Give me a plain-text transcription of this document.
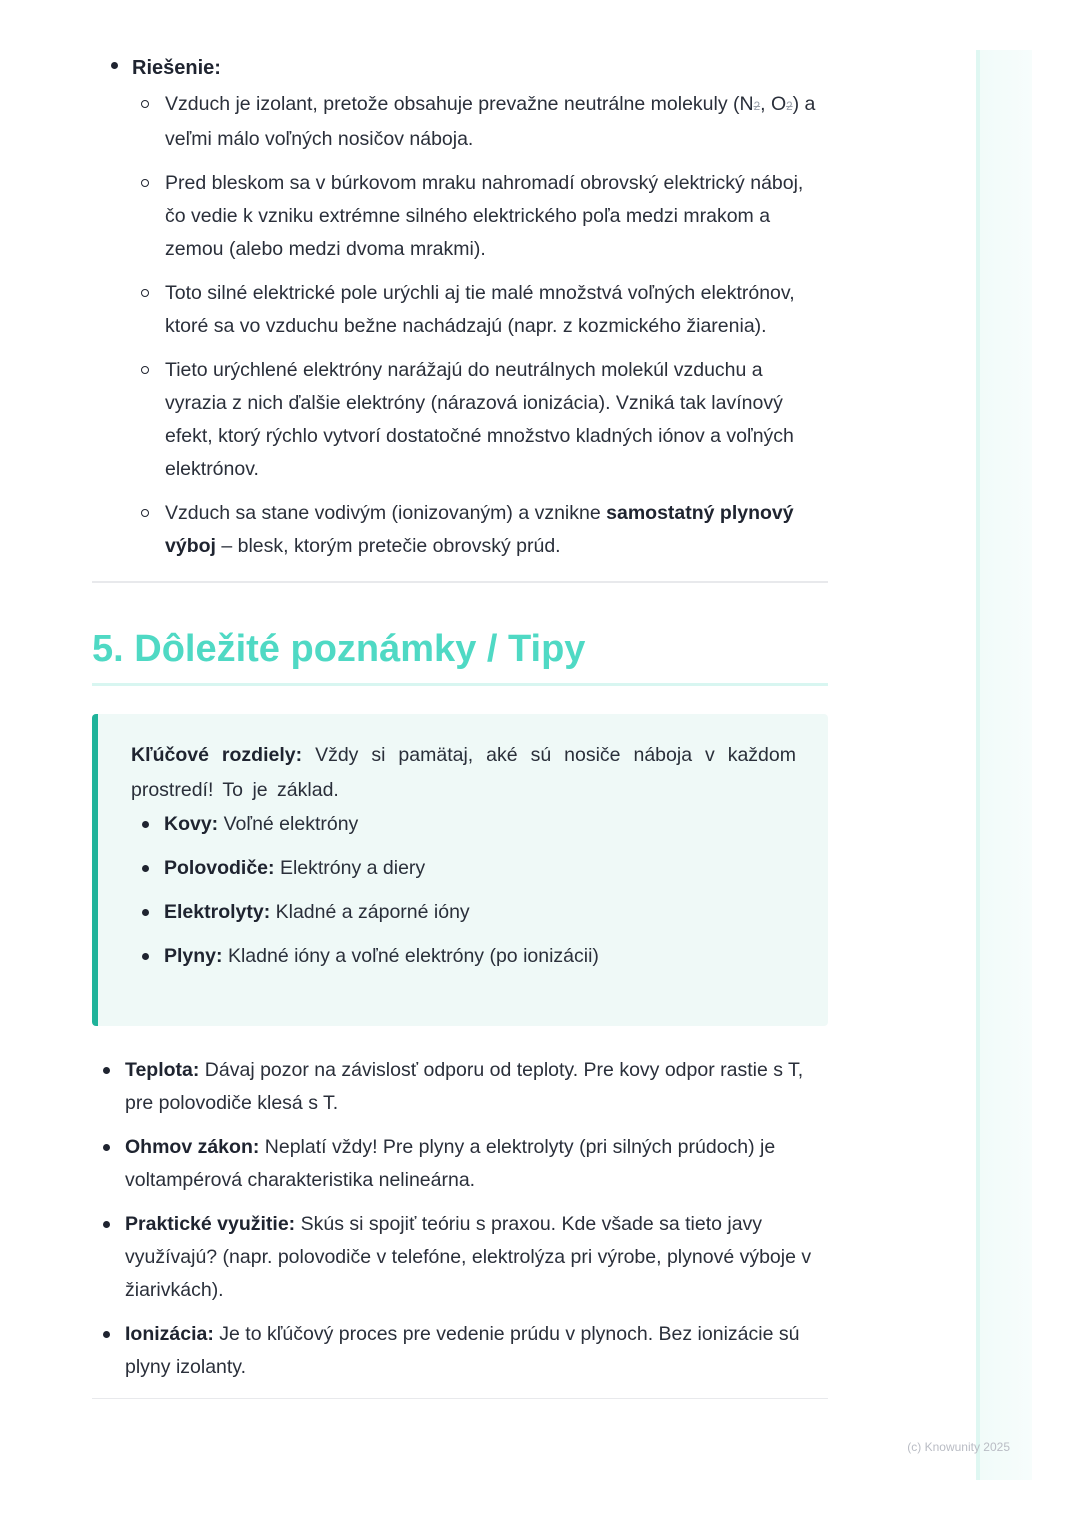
Riešenie:
Vzduch je izolant, pretože obsahuje prevažne neutrálne molekuly (N2, O2) a veľmi málo voľných nosičov náboja.
Pred bleskom sa v búrkovom mraku nahromadí obrovský elektrický náboj, čo vedie k vzniku extrémne silného elektrického poľa medzi mrakom a zemou (alebo medzi dvoma mrakmi).
Toto silné elektrické pole urýchli aj tie malé množstvá voľných elektrónov, ktoré sa vo vzduchu bežne nachádzajú (napr. z kozmického žiarenia).
Tieto urýchlené elektróny narážajú do neutrálnych molekúl vzduchu a vyrazia z nich ďalšie elektróny (nárazová ionizácia). Vzniká tak lavínový efekt, ktorý rýchlo vytvorí dostatočné množstvo kladných iónov a voľných elektrónov.
Vzduch sa stane vodivým (ionizovaným) a vznikne samostatný plynový výboj – blesk, ktorým pretečie obrovský prúd.
5. Dôležité poznámky / Tipy

Kľúčové rozdiely: Vždy si pamätaj, aké sú nosiče náboja v každom prostredí! To je základ.

Kovy: Voľné elektróny
Polovodiče: Elektróny a diery
Elektrolyty: Kladné a záporné ióny
Plyny: Kladné ióny a voľné elektróny (po ionizácii)
Teplota: Dávaj pozor na závislosť odporu od teploty. Pre kovy odpor rastie s T, pre polovodiče klesá s T.
Ohmov zákon: Neplatí vždy! Pre plyny a elektrolyty (pri silných prúdoch) je voltampérová charakteristika nelineárna.
Praktické využitie: Skús si spojiť teóriu s praxou. Kde všade sa tieto javy využívajú? (napr. polovodiče v telefóne, elektrolýza pri výrobe, plynové výboje v žiarivkách).
Ionizácia: Je to kľúčový proces pre vedenie prúdu v plynoch. Bez ionizácie sú plyny izolanty.
(c) Knowunity 2025
